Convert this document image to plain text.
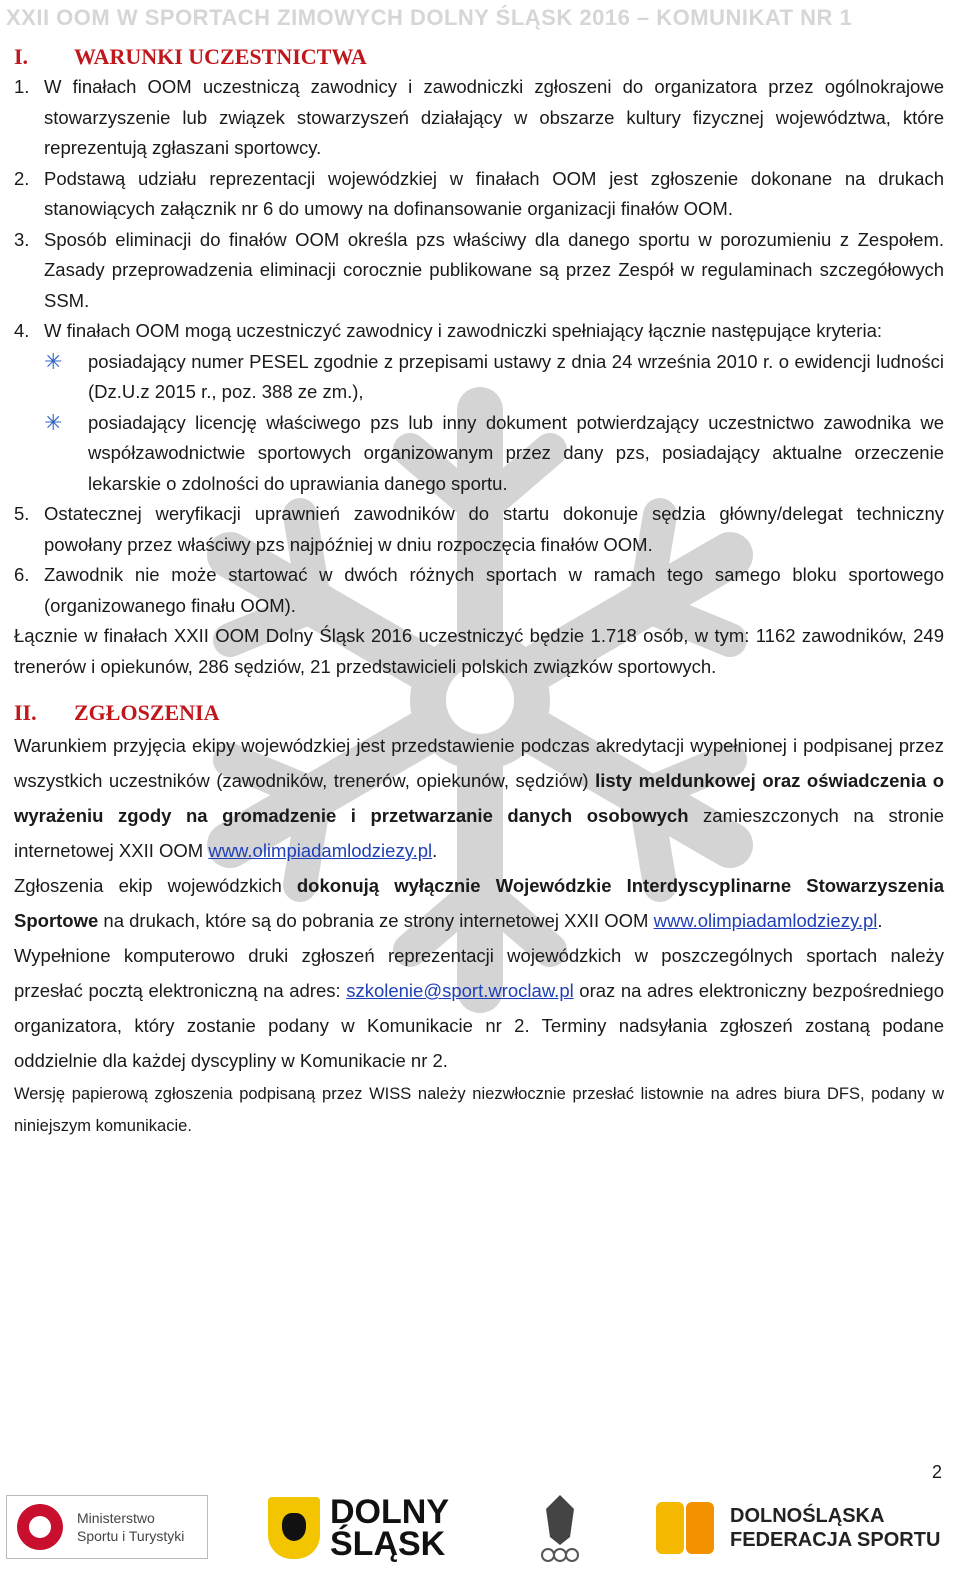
XXII OOM W SPORTACH ZIMOWYCH DOLNY ŚLĄSK 2016 – KOMUNIKAT NR 1
I.	WARUNKI UCZESTNICTWA
1. W finałach OOM uczestniczą zawodnicy i zawodniczki zgłoszeni do organizatora przez ogólnokrajowe stowarzyszenie lub związek stowarzyszeń działający w obszarze kultury fizycznej województwa, które reprezentują zgłaszani sportowcy.

2. Podstawą udziału reprezentacji wojewódzkiej w finałach OOM jest zgłoszenie dokonane na drukach stanowiących załącznik nr 6 do umowy na dofinansowanie organizacji finałów OOM.

3. Sposób eliminacji do finałów OOM określa pzs właściwy dla danego sportu w porozumieniu z Zespołem. Zasady przeprowadzenia eliminacji corocznie publikowane są przez Zespół w regulaminach szczegółowych SSM.

4. W finałach OOM mogą uczestniczyć zawodnicy i zawodniczki spełniający łącznie następujące kryteria:

✳	posiadający numer PESEL zgodnie z przepisami ustawy z dnia 24 września 2010 r. o ewidencji ludności (Dz.U.z 2015 r., poz. 388 ze zm.),

✳	posiadający licencję właściwego pzs lub inny dokument potwierdzający uczestnictwo zawodnika we współzawodnictwie sportowych organizowanym przez dany pzs, posiadający aktualne orzeczenie lekarskie o zdolności do uprawiania danego sportu.

5. Ostatecznej weryfikacji uprawnień zawodników do startu dokonuje sędzia główny/delegat techniczny powołany przez właściwy pzs najpóźniej w dniu rozpoczęcia finałów OOM.

6. Zawodnik nie może startować w dwóch różnych sportach w ramach tego samego bloku sportowego (organizowanego finału OOM).

Łącznie w finałach XXII OOM Dolny Śląsk 2016 uczestniczyć będzie 1.718 osób, w tym: 1162 zawodników, 249 trenerów i opiekunów, 286 sędziów, 21 przedstawicieli polskich związków sportowych.

II. ZGŁOSZENIA

Warunkiem przyjęcia ekipy wojewódzkiej jest przedstawienie podczas akredytacji wypełnionej i podpisanej przez wszystkich uczestników (zawodników, trenerów, opiekunów, sędziów) listy meldunkowej oraz oświadczenia o wyrażeniu zgody na gromadzenie i przetwarzanie danych osobowych zamieszczonych na stronie internetowej XXII OOM www.olimpiadamlodziezy.pl.

Zgłoszenia ekip wojewódzkich dokonują wyłącznie Wojewódzkie Interdyscyplinarne Stowarzyszenia Sportowe na drukach, które są do pobrania ze strony internetowej XXII OOM www.olimpiadamlodziezy.pl.

Wypełnione komputerowo druki zgłoszeń reprezentacji wojewódzkich w poszczególnych sportach należy przesłać pocztą elektroniczną na adres: szkolenie@sport.wroclaw.pl oraz na adres elektroniczny bezpośredniego organizatora, który zostanie podany w Komunikacie nr 2. Terminy nadsyłania zgłoszeń zostaną podane oddzielnie dla każdej dyscypliny w Komunikacie nr 2.

Wersję papierową zgłoszenia podpisaną przez WISS należy niezwłocznie przesłać listownie na adres biura DFS, podany w niniejszym komunikacie.

2
Ministerstwo
Sportu i Turystyki
DOLNY
ŚLĄSK
DOLNOŚLĄSKA
FEDERACJA SPORTU
